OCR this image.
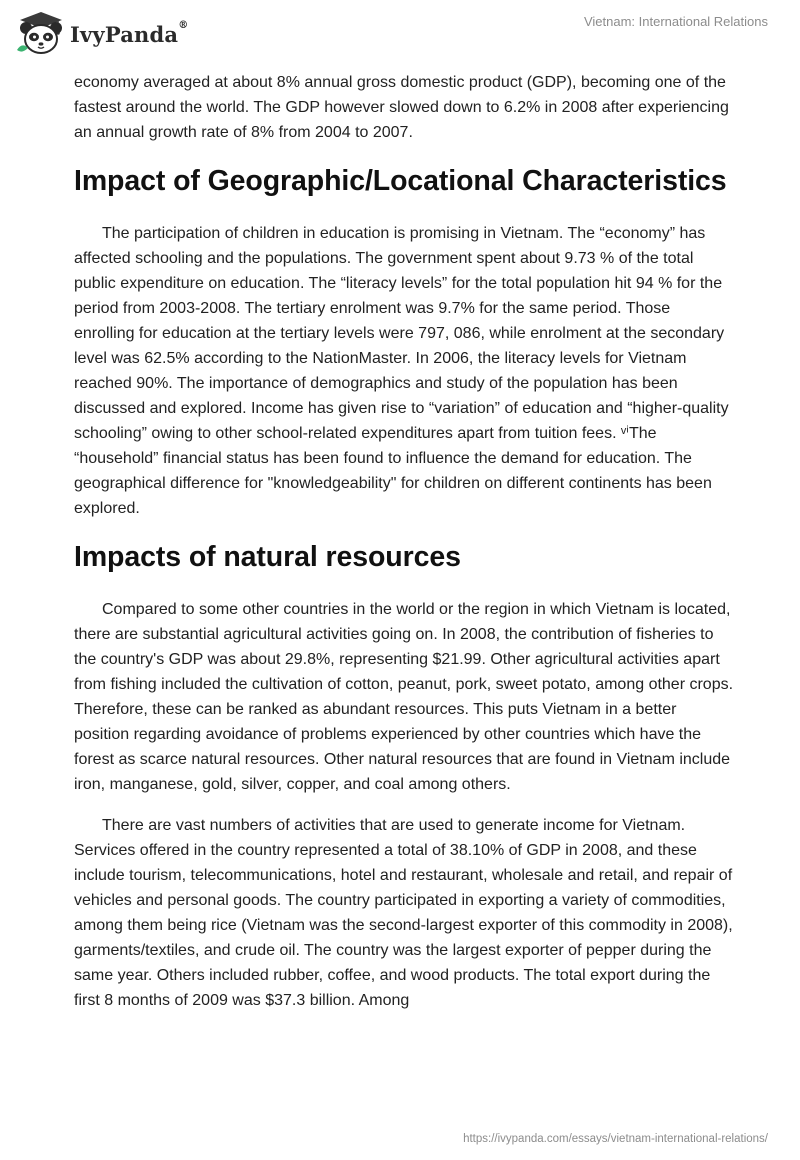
IvyPanda®	Vietnam: International Relations

economy averaged at about 8% annual gross domestic product (GDP), becoming one of the fastest around the world. The GDP however slowed down to 6.2% in 2008 after experiencing an annual growth rate of 8% from 2004 to 2007.

Impact of Geographic/Locational Characteristics

The participation of children in education is promising in Vietnam. The “economy” has affected schooling and the populations. The government spent about 9.73 % of the total public expenditure on education. The “literacy levels” for the total population hit 94 % for the period from 2003-2008. The tertiary enrolment was 9.7% for the same period. Those enrolling for education at the tertiary levels were 797, 086, while enrolment at the secondary level was 62.5% according to the NationMaster. In 2006, the literacy levels for Vietnam reached 90%. The importance of demographics and study of the population has been discussed and explored. Income has given rise to “variation” of education and “higher-quality schooling” owing to other school-related expenditures apart from tuition fees. ᵛⁱThe “household” financial status has been found to influence the demand for education. The geographical difference for "knowledgeability" for children on different continents has been explored.

Impacts of natural resources

Compared to some other countries in the world or the region in which Vietnam is located, there are substantial agricultural activities going on. In 2008, the contribution of fisheries to the country's GDP was about 29.8%, representing $21.99. Other agricultural activities apart from fishing included the cultivation of cotton, peanut, pork, sweet potato, among other crops. Therefore, these can be ranked as abundant resources. This puts Vietnam in a better position regarding avoidance of problems experienced by other countries which have the forest as scarce natural resources. Other natural resources that are found in Vietnam include iron, manganese, gold, silver, copper, and coal among others.

There are vast numbers of activities that are used to generate income for Vietnam. Services offered in the country represented a total of 38.10% of GDP in 2008, and these include tourism, telecommunications, hotel and restaurant, wholesale and retail, and repair of vehicles and personal goods. The country participated in exporting a variety of commodities, among them being rice (Vietnam was the second-largest exporter of this commodity in 2008), garments/textiles, and crude oil. The country was the largest exporter of pepper during the same year. Others included rubber, coffee, and wood products. The total export during the first 8 months of 2009 was $37.3 billion. Among

https://ivypanda.com/essays/vietnam-international-relations/
